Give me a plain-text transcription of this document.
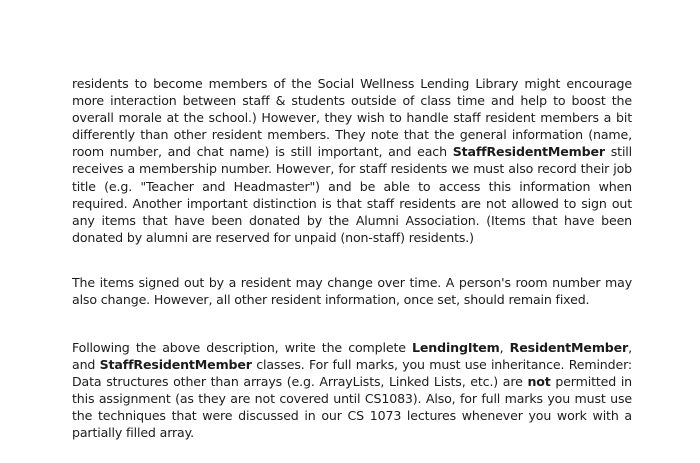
residents to become members of the Social Wellness Lending Library might encourage more interaction between staff & students outside of class time and help to boost the overall morale at the school.) However, they wish to handle staff resident members a bit differently than other resident members. They note that the general information (name, room number, and chat name) is still important, and each StaffResidentMember still receives a membership number. However, for staff residents we must also record their job title (e.g. "Teacher and Headmaster") and be able to access this information when required. Another important distinction is that staff residents are not allowed to sign out any items that have been donated by the Alumni Association. (Items that have been donated by alumni are reserved for unpaid (non-staff) residents.)
The items signed out by a resident may change over time. A person's room number may also change. However, all other resident information, once set, should remain fixed.
Following the above description, write the complete LendingItem, ResidentMember, and StaffResidentMember classes. For full marks, you must use inheritance. Reminder: Data structures other than arrays (e.g. ArrayLists, Linked Lists, etc.) are not permitted in this assignment (as they are not covered until CS1083). Also, for full marks you must use the techniques that were discussed in our CS 1073 lectures whenever you work with a partially filled array.
